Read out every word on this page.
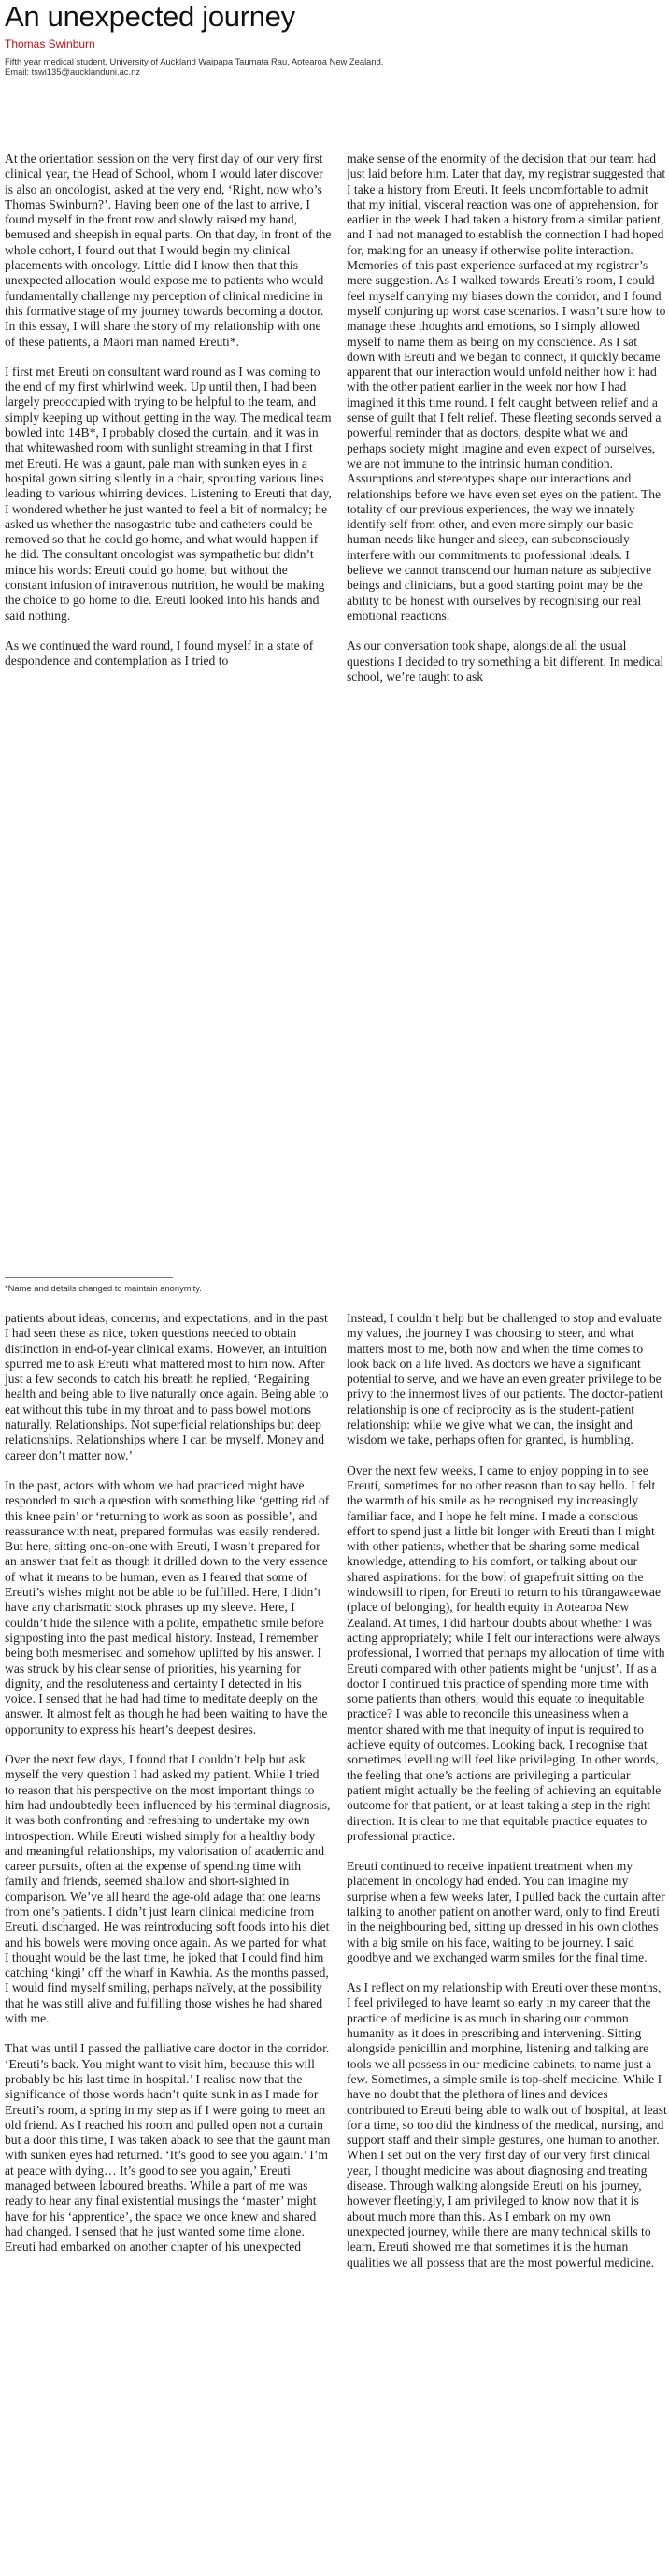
An unexpected journey
Thomas Swinburn
Fifth year medical student, University of Auckland Waipapa Taumata Rau, Aotearoa New Zealand.
Email: tswi135@aucklanduni.ac.nz

At the orientation session on the very first day of our very first clinical year, the Head of School, whom I would later discover is also an oncologist, asked at the very end, ‘Right, now who’s Thomas Swinburn?’. Having been one of the last to arrive, I found myself in the front row and slowly raised my hand, bemused and sheepish in equal parts. On that day, in front of the whole cohort, I found out that I would begin my clinical placements with oncology. Little did I know then that this unexpected allocation would expose me to patients who would fundamentally challenge my perception of clinical medicine in this formative stage of my journey towards becoming a doctor. In this essay, I will share the story of my relationship with one of these patients, a Māori man named Ereuti*.

I first met Ereuti on consultant ward round as I was coming to the end of my first whirlwind week. Up until then, I had been largely preoccupied with trying to be helpful to the team, and simply keeping up without getting in the way. The medical team bowled into 14B*, I probably closed the curtain, and it was in that whitewashed room with sunlight streaming in that I first met Ereuti. He was a gaunt, pale man with sunken eyes in a hospital gown sitting silently in a chair, sprouting various lines leading to various whirring devices. Listening to Ereuti that day, I wondered whether he just wanted to feel a bit of normalcy; he asked us whether the nasogastric tube and catheters could be removed so that he could go home, and what would happen if he did. The consultant oncologist was sympathetic but didn’t mince his words: Ereuti could go home, but without the constant infusion of intravenous nutrition, he would be making the choice to go home to die. Ereuti looked into his hands and said nothing.

As we continued the ward round, I found myself in a state of despondence and contemplation as I tried to

make sense of the enormity of the decision that our team had just laid before him. Later that day, my registrar suggested that I take a history from Ereuti. It feels uncomfortable to admit that my initial, visceral reaction was one of apprehension, for earlier in the week I had taken a history from a similar patient, and I had not managed to establish the connection I had hoped for, making for an uneasy if otherwise polite interaction. Memories of this past experience surfaced at my registrar’s mere suggestion. As I walked towards Ereuti’s room, I could feel myself carrying my biases down the corridor, and I found myself conjuring up worst case scenarios. I wasn’t sure how to manage these thoughts and emotions, so I simply allowed myself to name them as being on my conscience. As I sat down with Ereuti and we began to connect, it quickly became apparent that our interaction would unfold neither how it had with the other patient earlier in the week nor how I had imagined it this time round. I felt caught between relief and a sense of guilt that I felt relief. These fleeting seconds served a powerful reminder that as doctors, despite what we and perhaps society might imagine and even expect of ourselves, we are not immune to the intrinsic human condition. Assumptions and stereotypes shape our interactions and relationships before we have even set eyes on the patient. The totality of our previous experiences, the way we innately identify self from other, and even more simply our basic human needs like hunger and sleep, can subconsciously interfere with our commitments to professional ideals. I believe we cannot transcend our human nature as subjective beings and clinicians, but a good starting point may be the ability to be honest with ourselves by recognising our real emotional reactions.

As our conversation took shape, alongside all the usual questions I decided to try something a bit different. In medical school, we’re taught to ask

*Name and details changed to maintain anonymity.

patients about ideas, concerns, and expectations, and in the past I had seen these as nice, token questions needed to obtain distinction in end-of-year clinical exams. However, an intuition spurred me to ask Ereuti what mattered most to him now. After just a few seconds to catch his breath he replied, ‘Regaining health and being able to live naturally once again. Being able to eat without this tube in my throat and to pass bowel motions naturally. Relationships. Not superficial relationships but deep relationships. Relationships where I can be myself. Money and career don’t matter now.’

In the past, actors with whom we had practiced might have responded to such a question with something like ‘getting rid of this knee pain’ or ‘returning to work as soon as possible’, and reassurance with neat, prepared formulas was easily rendered. But here, sitting one-on-one with Ereuti, I wasn’t prepared for an answer that felt as though it drilled down to the very essence of what it means to be human, even as I feared that some of Ereuti’s wishes might not be able to be fulfilled. Here, I didn’t have any charismatic stock phrases up my sleeve. Here, I couldn’t hide the silence with a polite, empathetic smile before signposting into the past medical history. Instead, I remember being both mesmerised and somehow uplifted by his answer. I was struck by his clear sense of priorities, his yearning for dignity, and the resoluteness and certainty I detected in his voice. I sensed that he had had time to meditate deeply on the answer. It almost felt as though he had been waiting to have the opportunity to express his heart’s deepest desires.

Over the next few days, I found that I couldn’t help but ask myself the very question I had asked my patient. While I tried to reason that his perspective on the most important things to him had undoubtedly been influenced by his terminal diagnosis, it was both confronting and refreshing to undertake my own introspection. While Ereuti wished simply for a healthy body and meaningful relationships, my valorisation of academic and career pursuits, often at the expense of spending time with family and friends, seemed shallow and short-sighted in comparison. We’ve all heard the age-old adage that one learns from one’s patients. I didn’t just learn clinical medicine from Ereuti. discharged. He was reintroducing soft foods into his diet and his bowels were moving once again. As we parted for what I thought would be the last time, he joked that I could find him catching ‘kingi’ off the wharf in Kawhia. As the months passed, I would find myself smiling, perhaps naïvely, at the possibility that he was still alive and fulfilling those wishes he had shared with me.

That was until I passed the palliative care doctor in the corridor. ‘Ereuti’s back. You might want to visit him, because this will probably be his last time in hospital.’ I realise now that the significance of those words hadn’t quite sunk in as I made for Ereuti’s room, a spring in my step as if I were going to meet an old friend. As I reached his room and pulled open not a curtain but a door this time, I was taken aback to see that the gaunt man with sunken eyes had returned. ‘It’s good to see you again.’ I’m at peace with dying… It’s good to see you again,’ Ereuti managed between laboured breaths. While a part of me was ready to hear any final existential musings the ‘master’ might have for his ‘apprentice’, the space we once knew and shared had changed. I sensed that he just wanted some time alone. Ereuti had embarked on another chapter of his unexpected

Instead, I couldn’t help but be challenged to stop and evaluate my values, the journey I was choosing to steer, and what matters most to me, both now and when the time comes to look back on a life lived. As doctors we have a significant potential to serve, and we have an even greater privilege to be privy to the innermost lives of our patients. The doctor-patient relationship is one of reciprocity as is the student-patient relationship: while we give what we can, the insight and wisdom we take, perhaps often for granted, is humbling.

Over the next few weeks, I came to enjoy popping in to see Ereuti, sometimes for no other reason than to say hello. I felt the warmth of his smile as he recognised my increasingly familiar face, and I hope he felt mine. I made a conscious effort to spend just a little bit longer with Ereuti than I might with other patients, whether that be sharing some medical knowledge, attending to his comfort, or talking about our shared aspirations: for the bowl of grapefruit sitting on the windowsill to ripen, for Ereuti to return to his tūrangawaewae (place of belonging), for health equity in Aotearoa New Zealand. At times, I did harbour doubts about whether I was acting appropriately; while I felt our interactions were always professional, I worried that perhaps my allocation of time with Ereuti compared with other patients might be ‘unjust’. If as a doctor I continued this practice of spending more time with some patients than others, would this equate to inequitable practice? I was able to reconcile this uneasiness when a mentor shared with me that inequity of input is required to achieve equity of outcomes. Looking back, I recognise that sometimes levelling will feel like privileging. In other words, the feeling that one’s actions are privileging a particular patient might actually be the feeling of achieving an equitable outcome for that patient, or at least taking a step in the right direction. It is clear to me that equitable practice equates to professional practice.

Ereuti continued to receive inpatient treatment when my placement in oncology had ended. You can imagine my surprise when a few weeks later, I pulled back the curtain after talking to another patient on another ward, only to find Ereuti in the neighbouring bed, sitting up dressed in his own clothes with a big smile on his face, waiting to be journey. I said goodbye and we exchanged warm smiles for the final time.

As I reflect on my relationship with Ereuti over these months, I feel privileged to have learnt so early in my career that the practice of medicine is as much in sharing our common humanity as it does in prescribing and intervening. Sitting alongside penicillin and morphine, listening and talking are tools we all possess in our medicine cabinets, to name just a few. Sometimes, a simple smile is top-shelf medicine. While I have no doubt that the plethora of lines and devices contributed to Ereuti being able to walk out of hospital, at least for a time, so too did the kindness of the medical, nursing, and support staff and their simple gestures, one human to another. When I set out on the very first day of our very first clinical year, I thought medicine was about diagnosing and treating disease. Through walking alongside Ereuti on his journey, however fleetingly, I am privileged to know now that it is about much more than this. As I embark on my own unexpected journey, while there are many technical skills to learn, Ereuti showed me that sometimes it is the human qualities we all possess that are the most powerful medicine.
